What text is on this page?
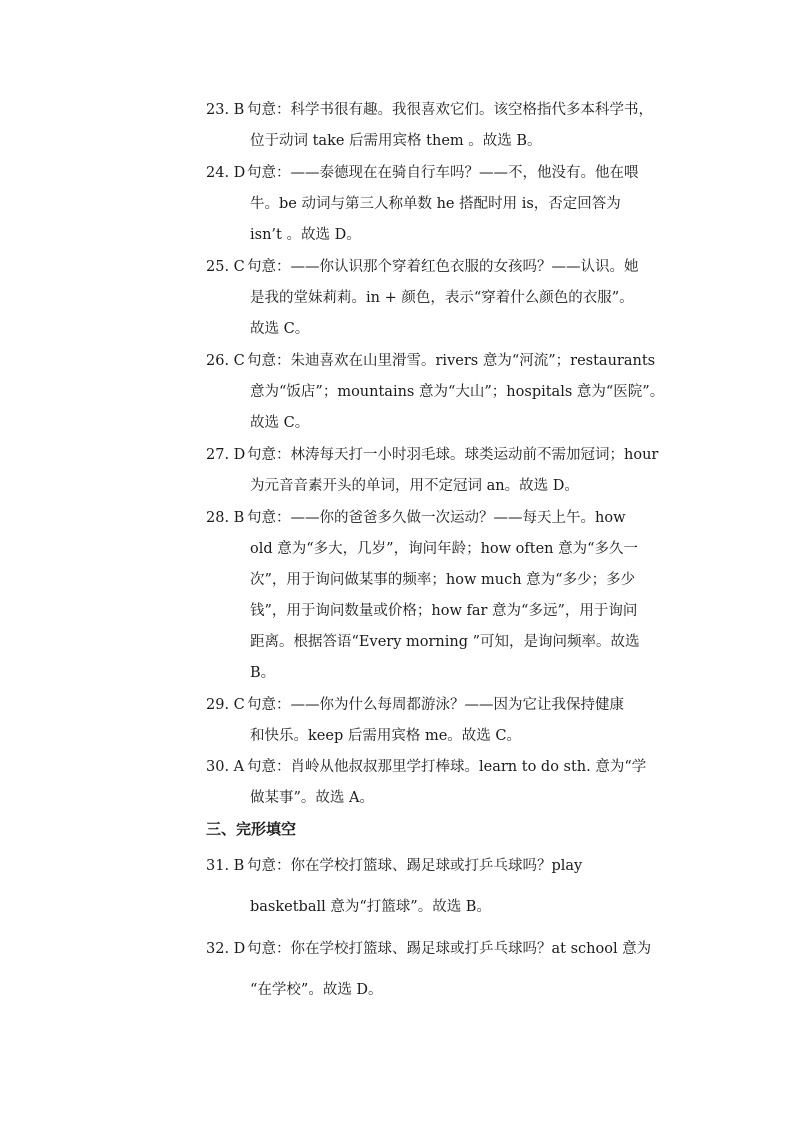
23. B 句意：科学书很有趣。我很喜欢它们。该空格指代多本科学书，
位于动词 take 后需用宾格 them 。故选 B。
24. D 句意：——泰德现在在骑自行车吗？——不，他没有。他在喂
牛。be 动词与第三人称单数 he 搭配时用 is，否定回答为
isn’t 。故选 D。
25. C 句意：——你认识那个穿着红色衣服的女孩吗？——认识。她
是我的堂妹莉莉。in + 颜色，表示“穿着什么颜色的衣服”。
故选 C。
26. C 句意：朱迪喜欢在山里滑雪。rivers 意为“河流”；restaurants
意为“饭店”；mountains 意为“大山”；hospitals 意为“医院”。
故选 C。
27. D 句意：林涛每天打一小时羽毛球。球类运动前不需加冠词；hour
为元音音素开头的单词，用不定冠词 an。故选 D。
28. B 句意：——你的爸爸多久做一次运动？——每天上午。how
old 意为“多大，几岁”，询问年龄；how often 意为“多久一
次”，用于询问做某事的频率；how much 意为“多少；多少
钱”，用于询问数量或价格；how far 意为“多远”，用于询问
距离。根据答语“Every morning ”可知，是询问频率。故选
B。
29. C 句意：——你为什么每周都游泳？——因为它让我保持健康
和快乐。keep 后需用宾格 me。故选 C。
30. A 句意：肖岭从他叔叔那里学打棒球。learn to do sth. 意为“学
做某事”。故选 A。
三、完形填空
31. B 句意：你在学校打篮球、踢足球或打乒乓球吗？play
basketball 意为“打篮球”。故选 B。
32. D 句意：你在学校打篮球、踢足球或打乒乓球吗？at school 意为
“在学校”。故选 D。
